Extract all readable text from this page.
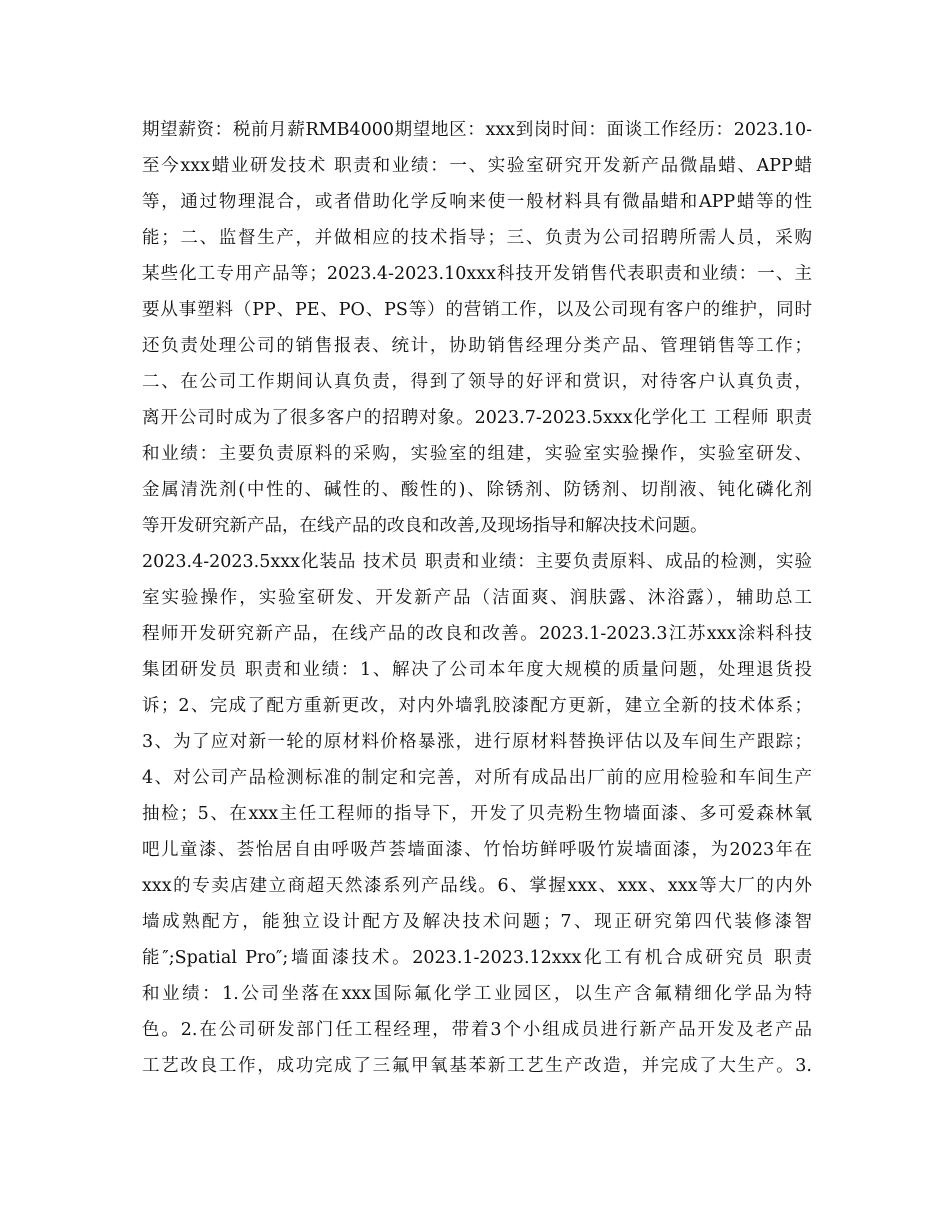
期望薪资：税前月薪RMB4000期望地区：xxx到岗时间：面谈工作经历：2023.10-
至今xxx蜡业研发技术 职责和业绩：一、实验室研究开发新产品微晶蜡、APP蜡
等，通过物理混合，或者借助化学反响来使一般材料具有微晶蜡和APP蜡等的性
能；二、监督生产，并做相应的技术指导；三、负责为公司招聘所需人员，采购
某些化工专用产品等；2023.4-2023.10xxx科技开发销售代表职责和业绩：一、主
要从事塑料（PP、PE、PO、PS等）的营销工作，以及公司现有客户的维护，同时
还负责处理公司的销售报表、统计，协助销售经理分类产品、管理销售等工作；
二、在公司工作期间认真负责，得到了领导的好评和赏识，对待客户认真负责，
离开公司时成为了很多客户的招聘对象。2023.7-2023.5xxx化学化工 工程师 职责
和业绩：主要负责原料的采购，实验室的组建，实验室实验操作，实验室研发、
金属清洗剂(中性的、碱性的、酸性的)、除锈剂、防锈剂、切削液、钝化磷化剂
等开发研究新产品，在线产品的改良和改善,及现场指导和解决技术问题。
2023.4-2023.5xxx化装品 技术员 职责和业绩：主要负责原料、成品的检测，实验
室实验操作，实验室研发、开发新产品（洁面爽、润肤露、沐浴露），辅助总工
程师开发研究新产品，在线产品的改良和改善。2023.1-2023.3江苏xxx涂料科技
集团研发员 职责和业绩：1、解决了公司本年度大规模的质量问题，处理退货投
诉；2、完成了配方重新更改，对内外墙乳胶漆配方更新，建立全新的技术体系；
3、为了应对新一轮的原材料价格暴涨，进行原材料替换评估以及车间生产跟踪；
4、对公司产品检测标准的制定和完善，对所有成品出厂前的应用检验和车间生产
抽检；5、在xxx主任工程师的指导下，开发了贝壳粉生物墙面漆、多可爱森林氧
吧儿童漆、荟怡居自由呼吸芦荟墙面漆、竹怡坊鲜呼吸竹炭墙面漆，为2023年在
xxx的专卖店建立商超天然漆系列产品线。6、掌握xxx、xxx、xxx等大厂的内外
墙成熟配方，能独立设计配方及解决技术问题；7、现正研究第四代装修漆智
能″;Spatial Pro″;墙面漆技术。2023.1-2023.12xxx化工有机合成研究员 职责
和业绩：1.公司坐落在xxx国际氟化学工业园区，以生产含氟精细化学品为特
色。2.在公司研发部门任工程经理，带着3个小组成员进行新产品开发及老产品
工艺改良工作，成功完成了三氟甲氧基苯新工艺生产改造，并完成了大生产。3.
